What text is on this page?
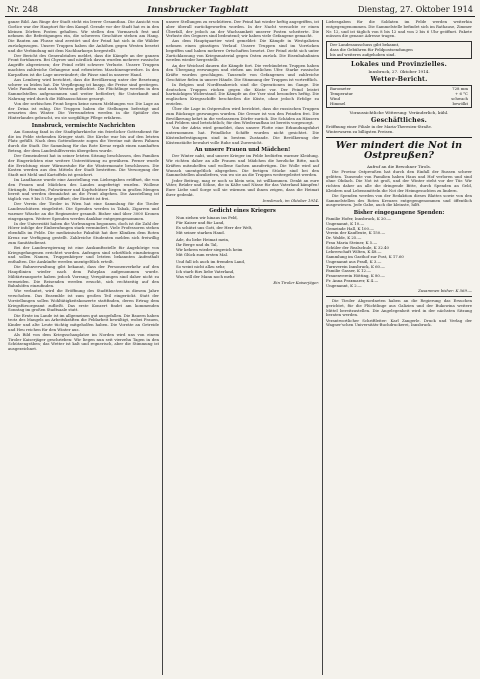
Nr. 248	Innsbrucker Tagblatt	Dienstag, 27. Oktober 1914

ganze Bild. Am Ringe der Stadt steht ein leerer Gesamtbau. Die Ansicht von Gorlice war der Hauptort für den Kampf. Gerade vor der Stadt hat es in den kleinen Dörfern Posten gehalten. Wir stellen den Vormarsch fest und nehmen die Befestigungen ein, die schweren Geschütze stehen am Hang. Die Bauten am Flusse sind zerstört und der Feind hat sich in die Wälder zurückgezogen. Unsere Truppen haben die Anhöhen gegen Westen besetzt und die Verbindung mit dem Nachbarkorps hergestellt.

Der Bericht des Generalstabes meldet, dass die Kämpfe an der ganzen Front fortdauern. Bei Chyrow und nördlich davon wurden mehrere russische Angriffe abgewiesen; der Feind erlitt schwere Verluste. Unsere Truppen machten zahlreiche Gefangene und erbeuteten Maschinengewehre. In den Karpathen ist die Lage unverändert; die Pässe sind in unserer Hand.

Aus Lemberg wird berichtet, dass die Bevölkerung unter der Besetzung schwer zu leiden hat. Die Verpflegung ist knapp, die Preise sind gestiegen. Viele Familien sind nach Westen geflüchtet. Die Flüchtlinge werden in den Sammelstellen aufgenommen und weiter befördert; für Unterkunft und Nahrung wird durch die Hilfsausschüsse gesorgt.

Von der serbischen Front liegen keine neuen Meldungen vor. Die Lage an der Drina ist ruhig. Die Truppen haben die Stellungen befestigt und erwarten den Winter. Die Verwundeten werden in die Spitäler des Hinterlandes gebracht, wo sie sorgfältige Pflege erfahren.

Innsbruck, vermischte Nachrichten

Am Sonntag fand in der Stadtpfarrkirche ein feierlicher Gottesdienst für die im Felde stehenden Krieger statt. Die Kirche war bis auf den letzten Platz gefüllt. Nach dem Gottesdienste zogen die Vereine mit ihren Fahnen durch die Stadt. Die Sammlung für das Rote Kreuz ergab einen namhaften Betrag, der dem Landeshilfsverein übergeben wurde.

Der Gemeinderat hat in seiner letzten Sitzung beschlossen, den Familien der Eingerückten eine weitere Unterstützung zu gewähren. Ferner wurde die Errichtung einer Wärmestube für die Wintermonate beschlossen. Die Kosten werden aus den Mitteln der Stadt bestritten. Die Versorgung der Stadt mit Mehl und Kartoffeln ist gesichert.

Im Landhause wurde eine Ausstellung von Liebesgaben eröffnet, die von den Frauen und Mädchen des Landes angefertigt wurden. Wollene Strümpfe, Hemden, Pulswärmer und Kopfschützer liegen in großen Mengen bereit und werden demnächst an die Front abgehen. Die Ausstellung ist täglich von 9 bis 5 Uhr geöffnet; der Eintritt ist frei.

Der Verein der Tiroler in Wien hat eine Sammlung für die Tiroler Landesschützen eingeleitet. Die Spenden werden in Tabak, Zigarren und warmer Wäsche an die Regimenter gesandt. Bisher sind über 3000 Kronen eingegangen. Weitere Spenden werden dankbar entgegengenommen.

In der Universität haben die Vorlesungen begonnen, doch ist die Zahl der Hörer infolge der Einberufungen stark vermindert. Viele Professoren stehen ebenfalls im Felde. Die medizinische Fakultät hat ihre Kliniken dem Roten Kreuz zur Verfügung gestellt. Zahlreiche Studenten melden sich freiwillig zum Sanitätsdienst.

Bei der Landesregierung ist eine Auskunftsstelle für Angehörige von Kriegsgefangenen errichtet worden. Anfragen sind schriftlich einzubringen und sollen Namen, Truppenkörper und letzten bekannten Aufenthalt enthalten. Die Auskünfte werden unentgeltlich erteilt.

Die Bahnverwaltung gibt bekannt, dass der Personenverkehr auf den Hauptlinien wieder nach dem Fahrplan aufgenommen wurde. Militärtransporte haben jedoch Vorrang; Verspätungen sind daher nicht zu vermeiden. Die Reisenden werden ersucht, sich rechtzeitig auf den Bahnhöfen einzufinden.

Wie verlautet, wird die Eröffnung des Stadttheaters in diesem Jahre verschoben. Das Ensemble ist zum großen Teil eingerückt. Statt der Vorstellungen sollen Wohltätigkeitskonzerte stattfinden, deren Ertrag dem Kriegsfürsorgeamt zufließt. Das erste Konzert findet am kommenden Sonntag im großen Stadtsaale statt.

Die Ernte im Lande ist im allgemeinen gut ausgefallen. Die Bauern haben trotz des Mangels an Arbeitskräften die Feldarbeit bewältigt, wobei Frauen, Kinder und alte Leute tüchtig mitgeholfen haben. Die Vorräte an Getreide und Heu reichen für den Winter aus.

Als Bild von dem Kriegsschauplatze im Norden wird uns von einem Tiroler Kaiserjäger geschrieben: Wir liegen nun seit vierzehn Tagen in den Schützengräben; das Wetter ist kalt und regnerisch, aber die Stimmung ist ausgezeichnet.

unsere Stellungen zu erschüttern. Der Feind hat wieder heftig angegriffen, ist aber überall zurückgeworfen worden. In der Nacht versuchte er einen Überfall, der jedoch an der Wachsamkeit unserer Posten scheiterte. Die Verluste des Gegners sind bedeutend; wir haben viele Gefangene gemacht.

Aus dem Hauptquartier wird gemeldet: Die Kämpfe in Westgalizien nehmen einen günstigen Verlauf. Unsere Truppen sind im Vorrücken begriffen und haben mehrere Ortschaften besetzt. Der Feind zieht sich unter Zurücklassung von Kriegsmaterial gegen Osten zurück. Die Eisenbahnlinien werden wieder hergestellt.

An der Weichsel dauern die Kämpfe fort. Die verbündeten Truppen haben den Übergang erzwungen und stehen am östlichen Ufer. Starke russische Kräfte wurden geschlagen. Tausende von Gefangenen und zahlreiche Geschütze fielen in unsere Hände. Die Stimmung der Truppen ist vortrefflich.

In Belgien und Nordfrankreich sind die Operationen im Gange. Die deutschen Truppen rücken gegen die Küste vor. Der Feind leistet hartnäckigen Widerstand. Die Kämpfe an der Yser sind besonders heftig. Die englischen Kriegsschiffe beschießen die Küste, ohne jedoch Erfolge zu erzielen.

Über die Lage in Ostpreußen wird berichtet, dass die russischen Truppen zum Rückzuge gezwungen wurden. Die Grenze ist von den Feinden frei. Die Bevölkerung kehrt in die verlassenen Dörfer zurück. Die Schäden an Häusern und Feldern sind beträchtlich; für den Wiederaufbau ist bereits vorgesorgt.

Von der Adria wird gemeldet, dass unsere Flotte eine Erkundungsfahrt unternommen hat. Feindliche Schiffe wurden nicht gesichtet. Die Küstenbefestigungen sind in bestem Zustande. Die Bevölkerung der Küstenstädte bewahrt volle Ruhe und Zuversicht.

An unsere Frauen und Mädchen!

Der Winter naht, und unsere Krieger im Felde bedürfen warmer Kleidung. Wir richten daher an alle Frauen und Mädchen die herzliche Bitte, nach Kräften mitzuhelfen und wollene Sachen anzufertigen. Die Wolle wird auf Wunsch unentgeltlich abgegeben. Die fertigen Stücke sind bei den Sammelstellen abzuliefern, von wo sie an die Truppen weitergeleitet werden.

Jeder Beitrag, mag er noch so klein sein, ist willkommen. Denkt an eure Väter, Brüder und Söhne, die in Kälte und Nässe für das Vaterland kämpfen! Eure Liebe und Sorge soll sie wärmen und ihnen zeigen, dass die Heimat ihrer gedenkt.

Innsbruck, im Oktober 1914.
Gedicht eines Kriegers
Nun ziehen wir hinaus ins Feld,
Für Kaiser und für Land,
Es schützt uns Gott, der Herr der Welt,
Mit seiner starken Hand.
Ade, du liebe Heimat mein,
Ihr Berge und du Tal,
Wir kehren wieder siegreich heim
Mit Glück zum ersten Mal.
Und fall ich auch im fremden Land,
So weint nicht allzu sehr,
Ich starb fürs liebe Vaterland,
Was will der Mann noch mehr.
Ein Tiroler Kaiserjäger.

Liebesgaben für die Soldaten im Felde werden weiterhin entgegengenommen. Die Sammelstelle befindet sich im Rathause, Zimmer Nr. 12, und ist täglich von 8 bis 12 und von 2 bis 6 Uhr geöffnet. Pakete müssen die genaue Adresse tragen.

Der Landesausschuss gibt bekannt,
dass die Gebühren für Feldpostsendungen
bis auf weiteres aufgehoben sind.
Lokales und Provinzielles.
Innsbruck, 27. Oktober 1914.
Wetter-Bericht.
Barometer	728 mm
Temperatur	+ 6 °C
Wind	schwach
Himmel	bewölkt
Voraussichtliche Witterung: Veränderlich, kühl.
Geschäftliches.
Eröffnung einer Filiale in der Maria-Theresien-Straße.
Winterwaren zu billigsten Preisen.
Wer mindert die Not in Ostpreußen?
Aufruf an die Bewohner Tirols.

Die Provinz Ostpreußen hat durch den Einfall der Russen schwer gelitten. Tausende von Familien haben Haus und Hof verloren und sind ohne Obdach. Die Not ist groß, und der Winter steht vor der Tür. Wir richten daher an alle die dringende Bitte, durch Spenden an Geld, Kleidern und Lebensmitteln die Not der Heimgesuchten zu lindern.

Die Spenden werden von der Redaktion dieses Blattes sowie von den Sammelstellen des Roten Kreuzes entgegengenommen und öffentlich ausgewiesen. Jede Gabe, auch die kleinste, hilft.

Bisher eingegangene Spenden:
Familie Hofer, Innsbruck, K 20.—
Ungenannt, K 10.—
Gemeinde Hall, K 100.—
Verein der Kaufleute, K 150.—
Dr. Walde, K 25.—
Frau Maria Steiner, K 5.—
Schüler der Realschule, K 32.40
Lehrerschaft Wilten, K 48.—
Sammlung im Gasthof zur Post, K 17.60
Ungenannt aus Pradl, K 3.—
Turnverein Innsbruck, K 60.—
Familie Gasser, K 12.—
Frauenverein Hötting, K 80.—
Fr. Anna Praxmarer, K 4.—
Ungenannt, K 2.—
Zusammen bisher: K 569.—

Die Tiroler Abgeordneten haben an die Regierung das Ersuchen gerichtet, für die Flüchtlinge aus Galizien und der Bukowina weitere Mittel bereitzustellen. Die Angelegenheit wird in der nächsten Sitzung beraten werden.

Verantwortlicher Schriftleiter: Karl Zangerle. Druck und Verlag der Wagner'schen Universitäts-Buchdruckerei, Innsbruck.
